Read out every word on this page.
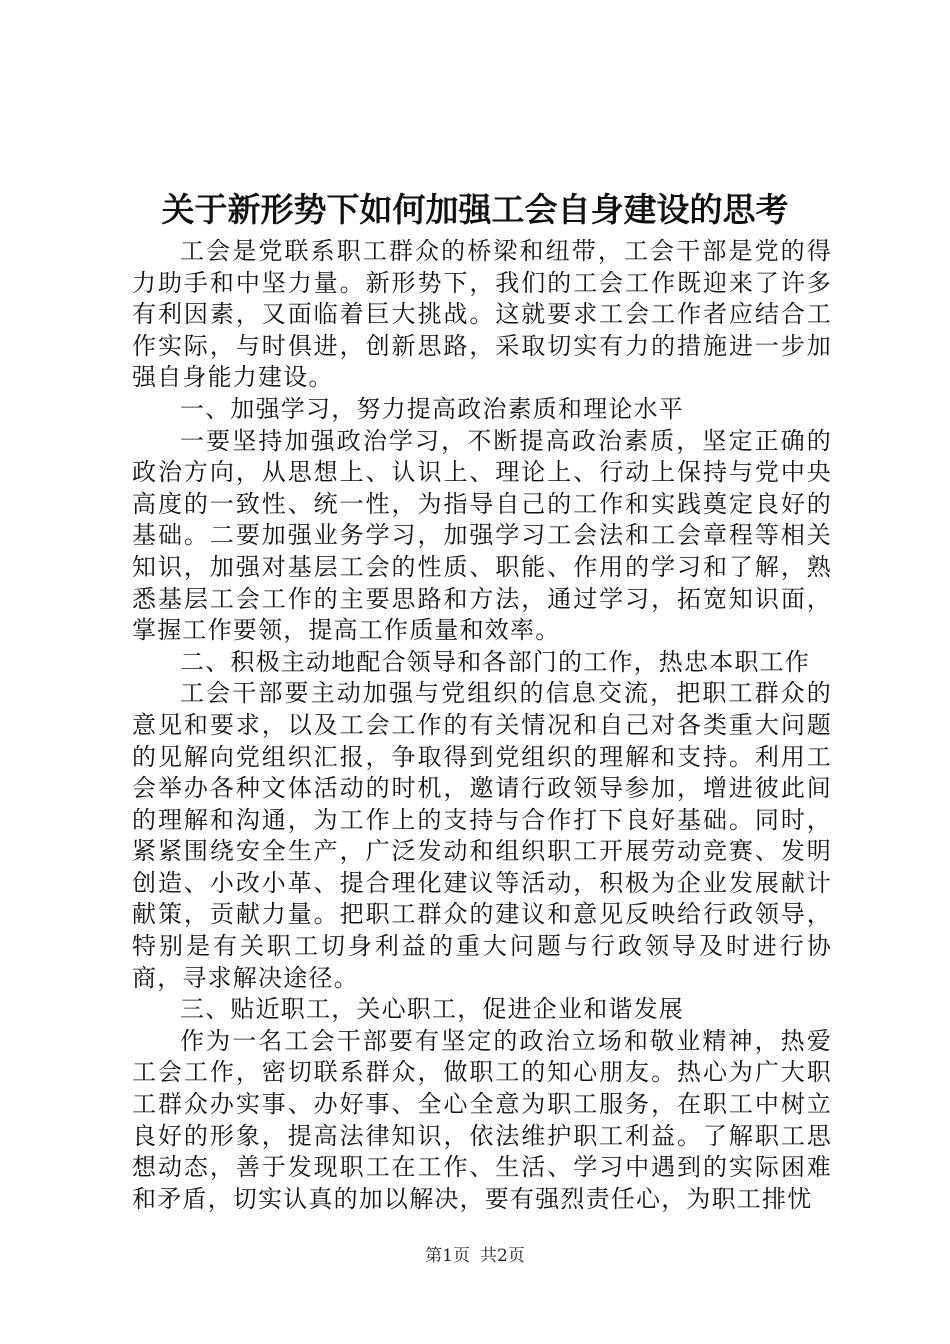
关于新形势下如何加强工会自身建设的思考

工会是党联系职工群众的桥梁和纽带，工会干部是党的得力助手和中坚力量。新形势下，我们的工会工作既迎来了许多有利因素，又面临着巨大挑战。这就要求工会工作者应结合工作实际，与时俱进，创新思路，采取切实有力的措施进一步加强自身能力建设。

一、加强学习，努力提高政治素质和理论水平

一要坚持加强政治学习，不断提高政治素质，坚定正确的政治方向，从思想上、认识上、理论上、行动上保持与党中央高度的一致性、统一性，为指导自己的工作和实践奠定良好的基础。二要加强业务学习，加强学习工会法和工会章程等相关知识，加强对基层工会的性质、职能、作用的学习和了解，熟悉基层工会工作的主要思路和方法，通过学习，拓宽知识面，掌握工作要领，提高工作质量和效率。

二、积极主动地配合领导和各部门的工作，热忠本职工作

工会干部要主动加强与党组织的信息交流，把职工群众的意见和要求，以及工会工作的有关情况和自己对各类重大问题的见解向党组织汇报，争取得到党组织的理解和支持。利用工会举办各种文体活动的时机，邀请行政领导参加，增进彼此间的理解和沟通，为工作上的支持与合作打下良好基础。同时，紧紧围绕安全生产，广泛发动和组织职工开展劳动竞赛、发明创造、小改小革、提合理化建议等活动，积极为企业发展献计献策，贡献力量。把职工群众的建议和意见反映给行政领导，特别是有关职工切身利益的重大问题与行政领导及时进行协商，寻求解决途径。

三、贴近职工，关心职工，促进企业和谐发展

作为一名工会干部要有坚定的政治立场和敬业精神，热爱工会工作，密切联系群众，做职工的知心朋友。热心为广大职工群众办实事、办好事、全心全意为职工服务，在职工中树立良好的形象，提高法律知识，依法维护职工利益。了解职工思想动态，善于发现职工在工作、生活、学习中遇到的实际困难和矛盾，切实认真的加以解决，要有强烈责任心，为职工排忧

第1页 共2页
